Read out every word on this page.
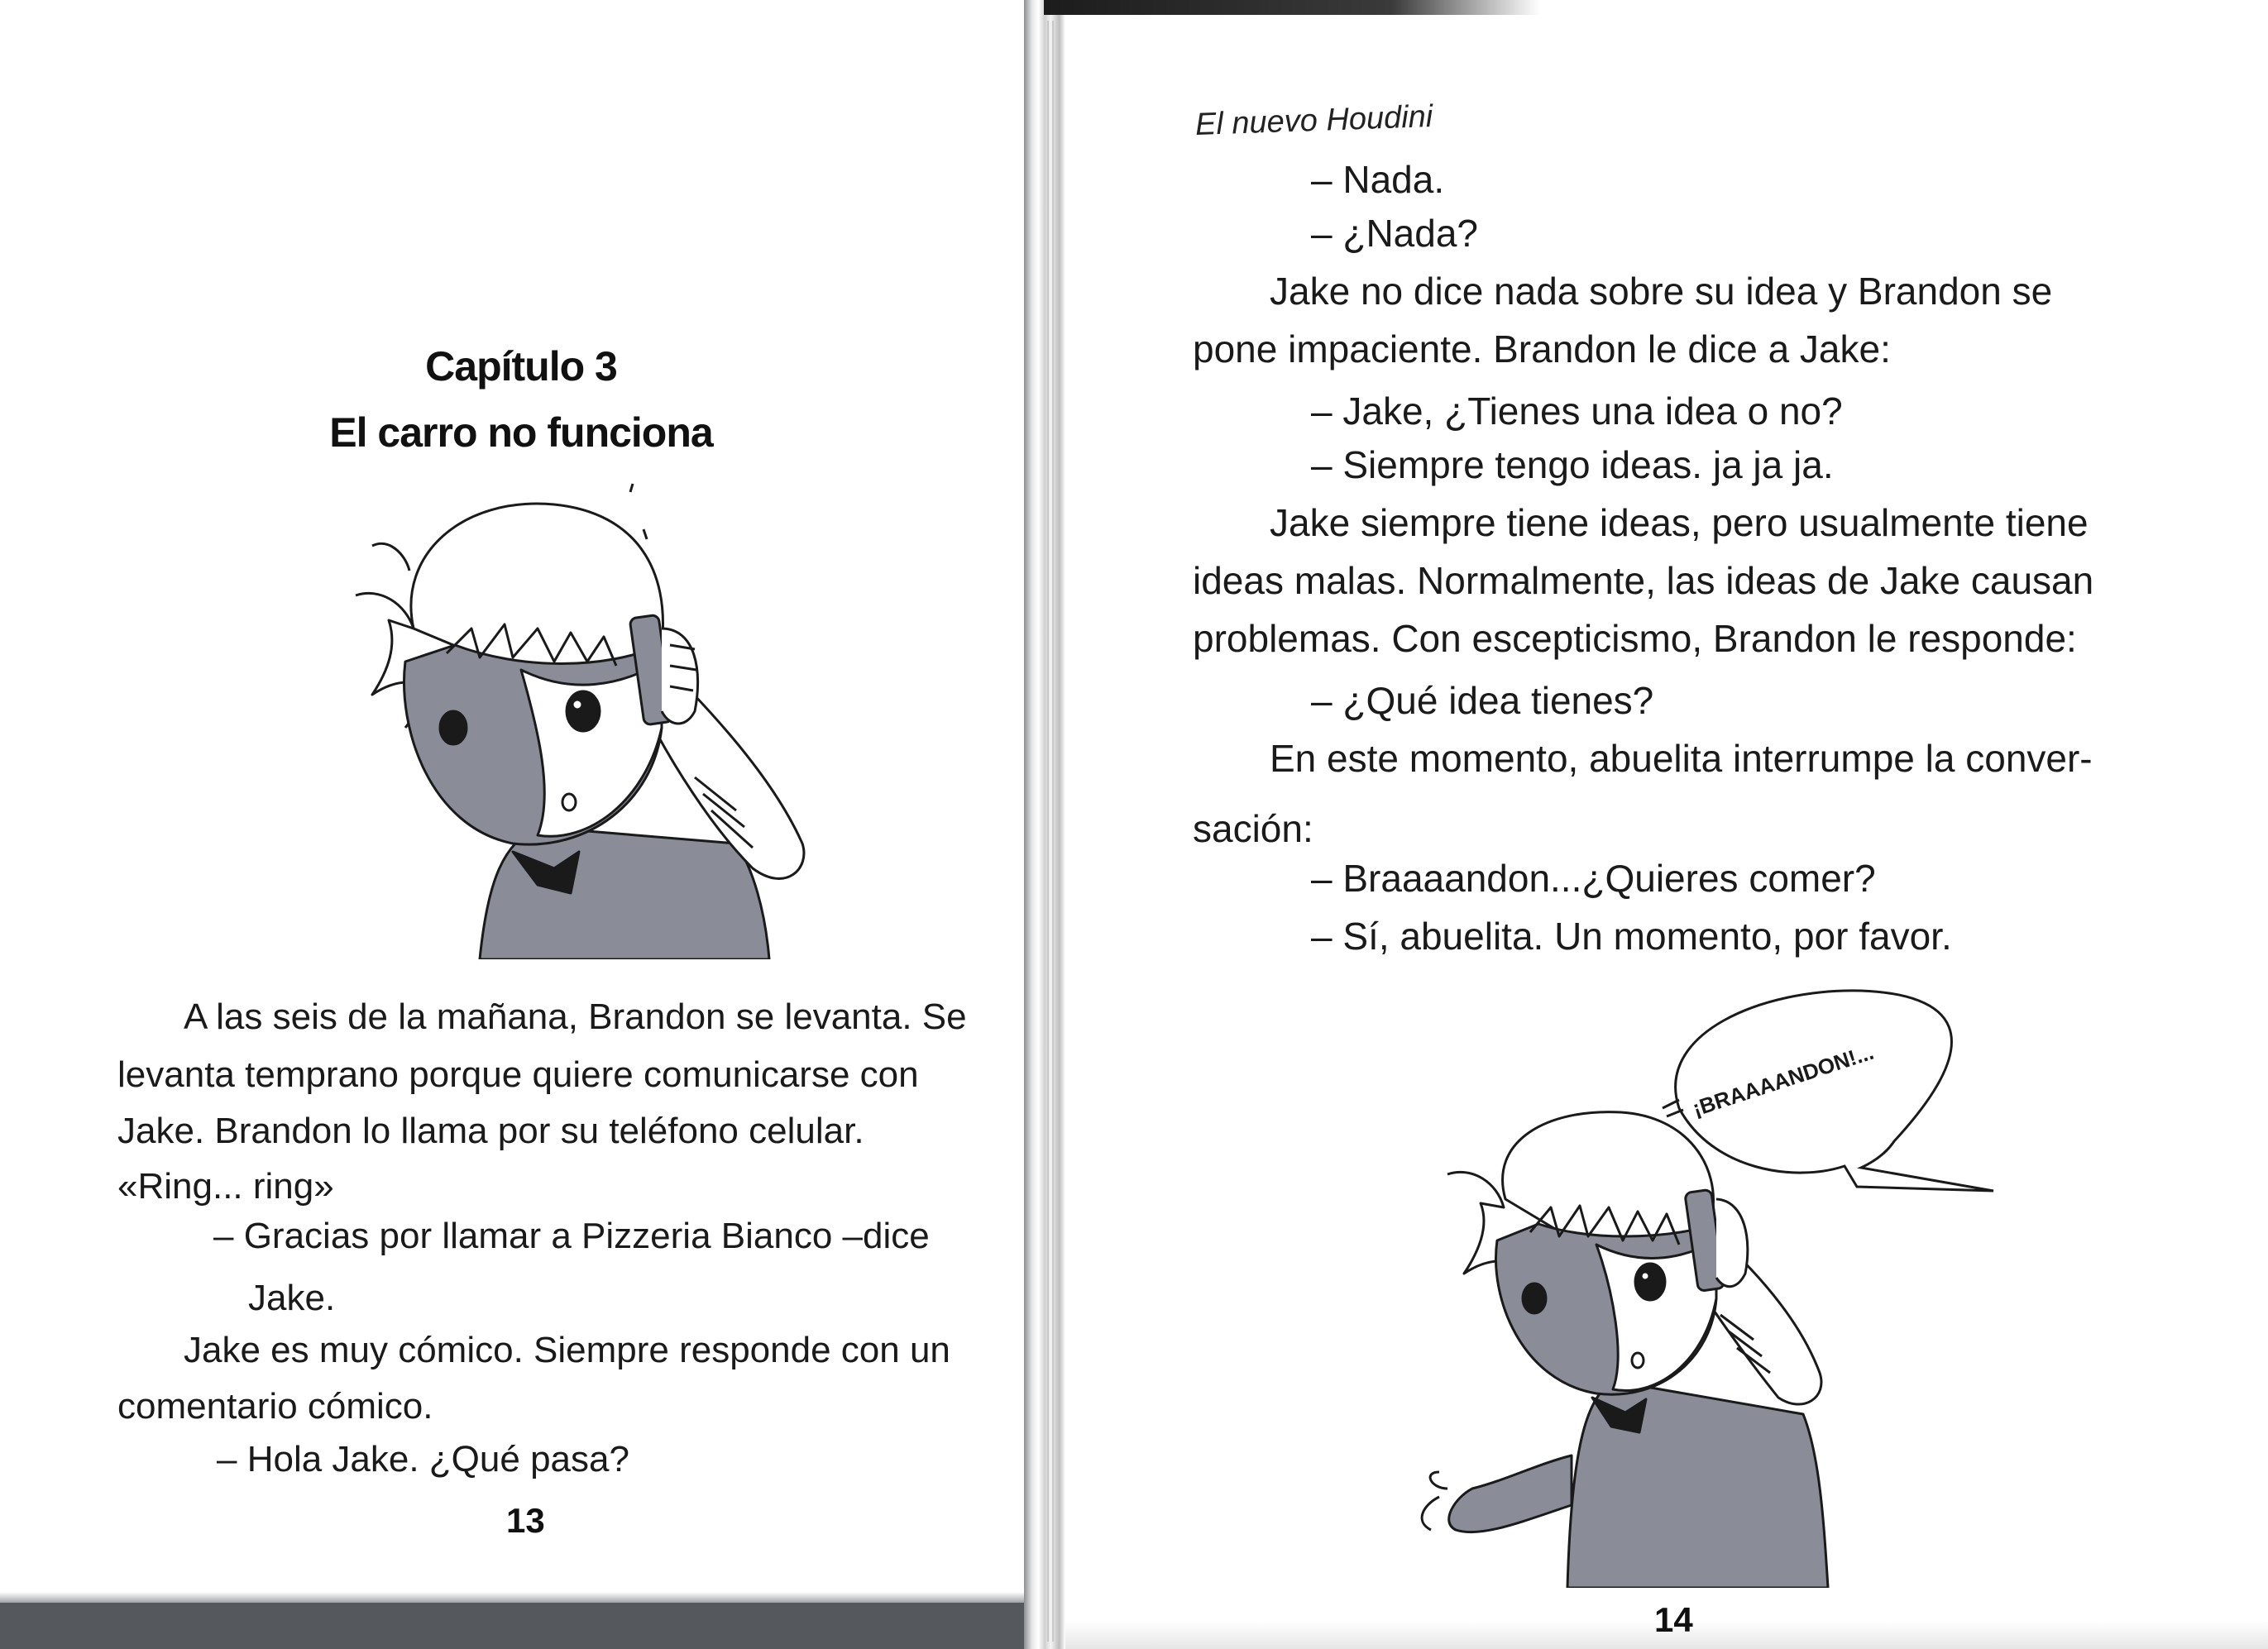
Capítulo 3
El carro no funciona
A las seis de la mañana, Brandon se levanta. Se
levanta temprano porque quiere comunicarse con
Jake. Brandon lo llama por su teléfono celular.
«Ring... ring»
– Gracias por llamar a Pizzeria Bianco –dice
Jake.
Jake es muy cómico. Siempre responde con un
comentario cómico.
– Hola Jake. ¿Qué pasa?
13
El nuevo Houdini
– Nada.
– ¿Nada?
Jake no dice nada sobre su idea y Brandon se
pone impaciente. Brandon le dice a Jake:
– Jake, ¿Tienes una idea o no?
– Siempre tengo ideas. ja ja ja.
Jake siempre tiene ideas, pero usualmente tiene
ideas malas. Normalmente, las ideas de Jake causan
problemas. Con escepticismo, Brandon le responde:
– ¿Qué idea tienes?
En este momento, abuelita interrumpe la conver-
sación:
– Braaaandon...¿Quieres comer?
– Sí, abuelita. Un momento, por favor.
¡BRAAAANDON!...
14
